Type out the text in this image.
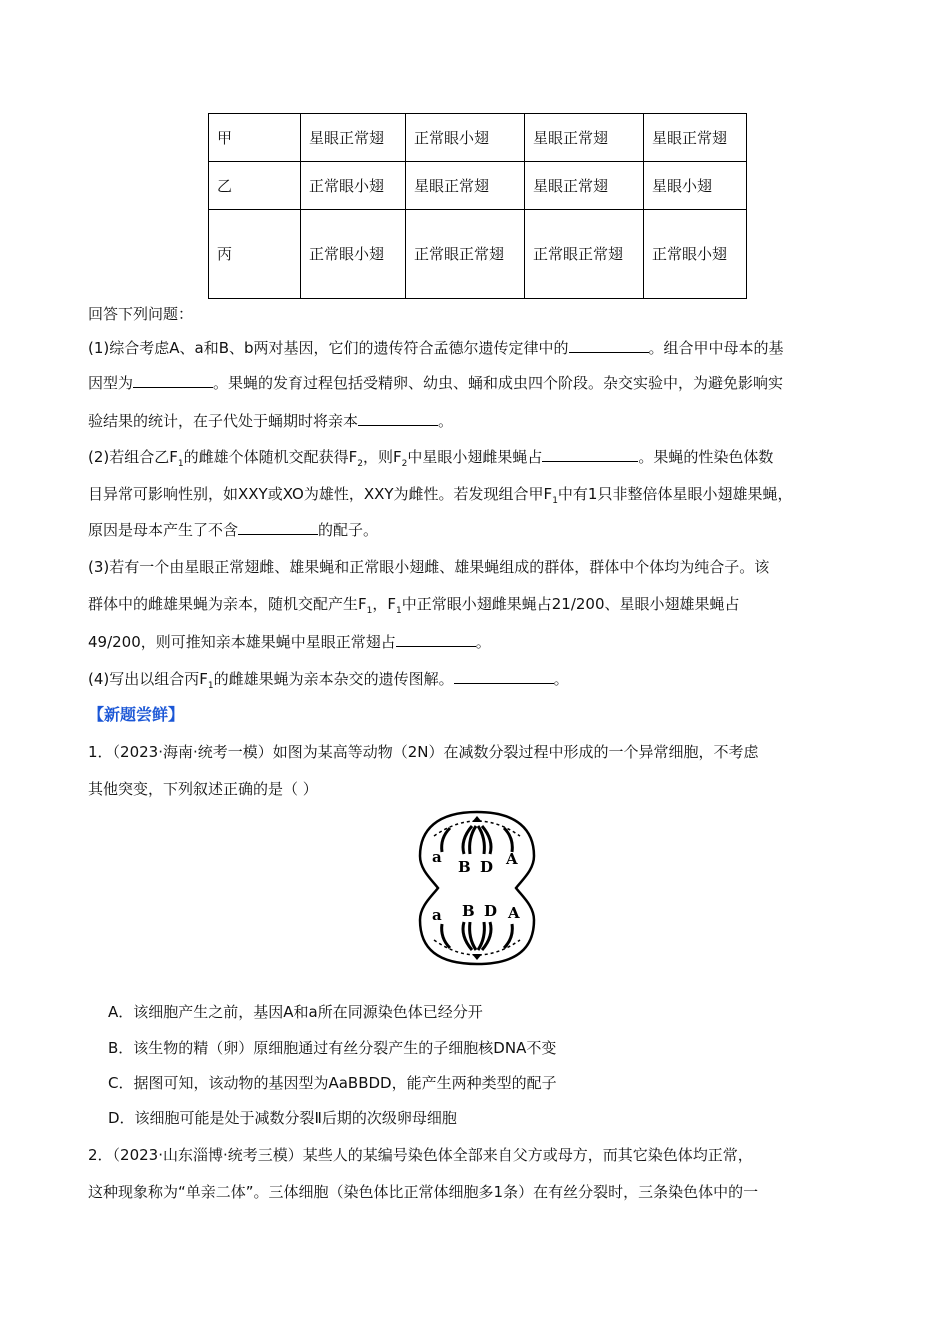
甲	星眼正常翅	正常眼小翅	星眼正常翅	星眼正常翅
乙	正常眼小翅	星眼正常翅	星眼正常翅	星眼小翅
丙	正常眼小翅	正常眼正常翅	正常眼正常翅	正常眼小翅
回答下列问题：
(1)综合考虑A、a和B、b两对基因，它们的遗传符合孟德尔遗传定律中的	。组合甲中母本的基
因型为	。果蝇的发育过程包括受精卵、幼虫、蛹和成虫四个阶段。杂交实验中，为避免影响实
验结果的统计，在子代处于蛹期时将亲本	。
(2)若组合乙$F_1$的雌雄个体随机交配获得$F_2$，则$F_2$中星眼小翅雌果蝇占	。果蝇的性染色体数
目异常可影响性别，如XXY或XO为雄性，XXY为雌性。若发现组合甲$F_1$中有1只非整倍体星眼小翅雄果蝇，
原因是母本产生了不含	的配子。
(3)若有一个由星眼正常翅雌、雄果蝇和正常眼小翅雌、雄果蝇组成的群体，群体中个体均为纯合子。该
群体中的雌雄果蝇为亲本，随机交配产生$F_1$，$F_1$中正常眼小翅雌果蝇占21/200、星眼小翅雄果蝇占
49/200，则可推知亲本雄果蝇中星眼正常翅占	。
(4)写出以组合丙$F_1$的雌雄果蝇为亲本杂交的遗传图解。	。
【新题尝鲜】
1．（2023·海南·统考一模）如图为某高等动物（2N）在减数分裂过程中形成的一个异常细胞，不考虑
其他突变，下列叙述正确的是（ ）
a
B D A
a B D A
A．该细胞产生之前，基因A和a所在同源染色体已经分开
B．该生物的精（卵）原细胞通过有丝分裂产生的子细胞核DNA不变
C．据图可知，该动物的基因型为AaBBDD，能产生两种类型的配子
D．该细胞可能是处于减数分裂Ⅱ后期的次级卵母细胞
2．（2023·山东淄博·统考三模）某些人的某编号染色体全部来自父方或母方，而其它染色体均正常，
这种现象称为“单亲二体”。三体细胞（染色体比正常体细胞多1条）在有丝分裂时，三条染色体中的一
